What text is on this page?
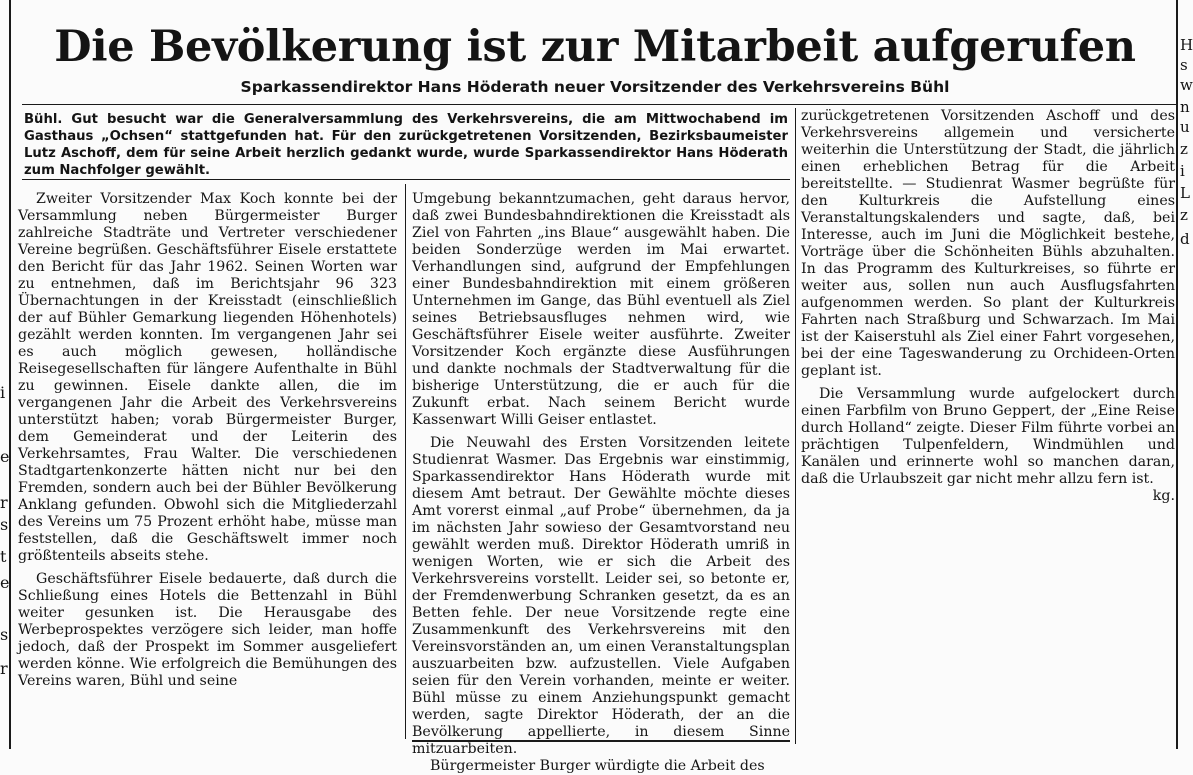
i
e
r
s
t
e
s
r
H
s
w
n
u
z
i
L
z
d
Die Bevölkerung ist zur Mitarbeit aufgerufen
Sparkassendirektor Hans Höderath neuer Vorsitzender des Verkehrsvereins Bühl
Bühl. Gut besucht war die Generalversammlung des Verkehrsvereins, die am Mittwochabend im Gasthaus „Ochsen“ stattgefunden hat. Für den zurückgetretenen Vorsitzenden, Bezirksbaumeister Lutz Aschoff, dem für seine Arbeit herzlich gedankt wurde, wurde Sparkassendirektor Hans Höderath zum Nachfolger gewählt.

Zweiter Vorsitzender Max Koch konnte bei der Versammlung neben Bürgermeister Burger zahlreiche Stadträte und Vertreter verschiedener Vereine begrüßen. Geschäftsführer Eisele erstattete den Bericht für das Jahr 1962. Seinen Worten war zu entnehmen, daß im Berichtsjahr 96 323 Übernachtungen in der Kreisstadt (einschließlich der auf Bühler Gemarkung liegenden Höhenhotels) gezählt werden konnten. Im vergangenen Jahr sei es auch möglich gewesen, holländische Reisegesellschaften für längere Aufenthalte in Bühl zu gewinnen. Eisele dankte allen, die im vergangenen Jahr die Arbeit des Verkehrsvereins unterstützt haben; vorab Bürgermeister Burger, dem Gemeinderat und der Leiterin des Verkehrsamtes, Frau Walter. Die verschiedenen Stadtgartenkonzerte hätten nicht nur bei den Fremden, sondern auch bei der Bühler Bevölkerung Anklang gefunden. Obwohl sich die Mitgliederzahl des Vereins um 75 Prozent erhöht habe, müsse man feststellen, daß die Geschäftswelt immer noch größtenteils abseits stehe.

Geschäftsführer Eisele bedauerte, daß durch die Schließung eines Hotels die Bettenzahl in Bühl weiter gesunken ist. Die Herausgabe des Werbeprospektes verzögere sich leider, man hoffe jedoch, daß der Prospekt im Sommer ausgeliefert werden könne. Wie erfolgreich die Bemühungen des Vereins waren, Bühl und seine

Umgebung bekanntzumachen, geht daraus hervor, daß zwei Bundesbahndirektionen die Kreisstadt als Ziel von Fahrten „ins Blaue“ ausgewählt haben. Die beiden Sonderzüge werden im Mai erwartet. Verhandlungen sind, aufgrund der Empfehlungen einer Bundesbahndirektion mit einem größeren Unternehmen im Gange, das Bühl eventuell als Ziel seines Betriebsausfluges nehmen wird, wie Geschäftsführer Eisele weiter ausführte. Zweiter Vorsitzender Koch ergänzte diese Ausführungen und dankte nochmals der Stadtverwaltung für die bisherige Unterstützung, die er auch für die Zukunft erbat. Nach seinem Bericht wurde Kassenwart Willi Geiser entlastet.

Die Neuwahl des Ersten Vorsitzenden leitete Studienrat Wasmer. Das Ergebnis war einstimmig, Sparkassendirektor Hans Höderath wurde mit diesem Amt betraut. Der Gewählte möchte dieses Amt vorerst einmal „auf Probe“ übernehmen, da ja im nächsten Jahr sowieso der Gesamtvorstand neu gewählt werden muß. Direktor Höderath umriß in wenigen Worten, wie er sich die Arbeit des Verkehrsvereins vorstellt. Leider sei, so betonte er, der Fremdenwerbung Schranken gesetzt, da es an Betten fehle. Der neue Vorsitzende regte eine Zusammenkunft des Verkehrsvereins mit den Vereinsvorständen an, um einen Veranstaltungsplan auszuarbeiten bzw. aufzustellen. Viele Aufgaben seien für den Verein vorhanden, meinte er weiter. Bühl müsse zu einem Anziehungspunkt gemacht werden, sagte Direktor Höderath, der an die Bevölkerung appellierte, in diesem Sinne mitzuarbeiten.

Bürgermeister Burger würdigte die Arbeit des

zurückgetretenen Vorsitzenden Aschoff und des Verkehrsvereins allgemein und versicherte weiterhin die Unterstützung der Stadt, die jährlich einen erheblichen Betrag für die Arbeit bereitstellte. — Studienrat Wasmer begrüßte für den Kulturkreis die Aufstellung eines Veranstaltungskalenders und sagte, daß, bei Interesse, auch im Juni die Möglichkeit bestehe, Vorträge über die Schönheiten Bühls abzuhalten. In das Programm des Kulturkreises, so führte er weiter aus, sollen nun auch Ausflugsfahrten aufgenommen werden. So plant der Kulturkreis Fahrten nach Straßburg und Schwarzach. Im Mai ist der Kaiserstuhl als Ziel einer Fahrt vorgesehen, bei der eine Tageswanderung zu Orchideen-Orten geplant ist.

Die Versammlung wurde aufgelockert durch einen Farbfilm von Bruno Geppert, der „Eine Reise durch Holland“ zeigte. Dieser Film führte vorbei an prächtigen Tulpenfeldern, Windmühlen und Kanälen und erinnerte wohl so manchen daran, daß die Urlaubszeit gar nicht mehr allzu fern ist.

kg.
